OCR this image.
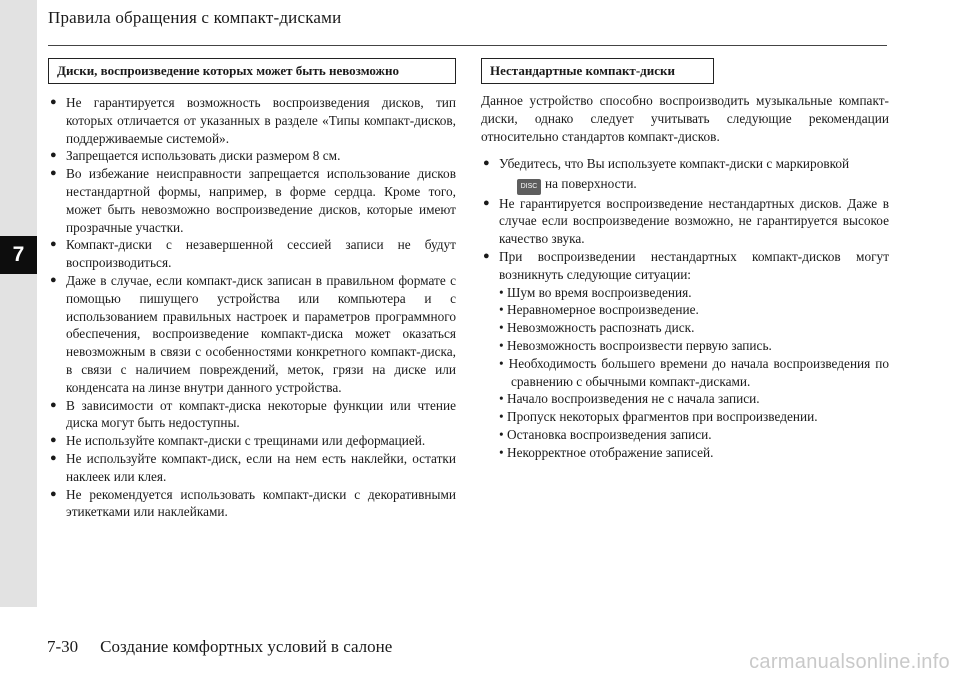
7
Правила обращения с компакт-дисками
Диски, воспроизведение которых может быть невозможно
● Не гарантируется возможность воспроизведения дисков, тип которых отличается от указанных в разделе «Типы компакт-дисков, поддерживаемые системой».
● Запрещается использовать диски размером 8 см.
● Во избежание неисправности запрещается использование дисков нестандартной формы, например, в форме сердца. Кроме того, может быть невозможно воспроизведение дисков, которые имеют прозрачные участки.
● Компакт-диски с незавершенной сессией записи не будут воспроизводиться.
● Даже в случае, если компакт-диск записан в правильном формате с помощью пишущего устройства или компьютера и с использованием правильных настроек и параметров программного обеспечения, воспроизведение компакт-диска может оказаться невозможным в связи с особенностями конкретного компакт-диска, в связи с наличием повреждений, меток, грязи на диске или конденсата на линзе внутри данного устройства.
● В зависимости от компакт-диска некоторые функции или чтение диска могут быть недоступны.
● Не используйте компакт-диски с трещинами или деформацией.
● Не используйте компакт-диск, если на нем есть наклейки, остатки наклеек или клея.
● Не рекомендуется использовать компакт-диски с декоративными этикетками или наклейками.
Нестандартные компакт-диски
Данное устройство способно воспроизводить музыкальные компакт-диски, однако следует учитывать следующие рекомендации относительно стандартов компакт-дисков.
● Убедитесь, что Вы используете компакт-диски с маркировкой
DISC на поверхности.
● Не гарантируется воспроизведение нестандартных дисков. Даже в случае если воспроизведение возможно, не гарантируется высокое качество звука.
● При воспроизведении нестандартных компакт-дисков могут возникнуть следующие ситуации:
• Шум во время воспроизведения.
• Неравномерное воспроизведение.
• Невозможность распознать диск.
• Невозможность воспроизвести первую запись.
• Необходимость большего времени до начала воспроизведения по сравнению с обычными компакт-дисками.
• Начало воспроизведения не с начала записи.
• Пропуск некоторых фрагментов при воспроизведении.
• Остановка воспроизведения записи.
• Некорректное отображение записей.
7-30 Создание комфортных условий в салоне
carmanualsonline.info
